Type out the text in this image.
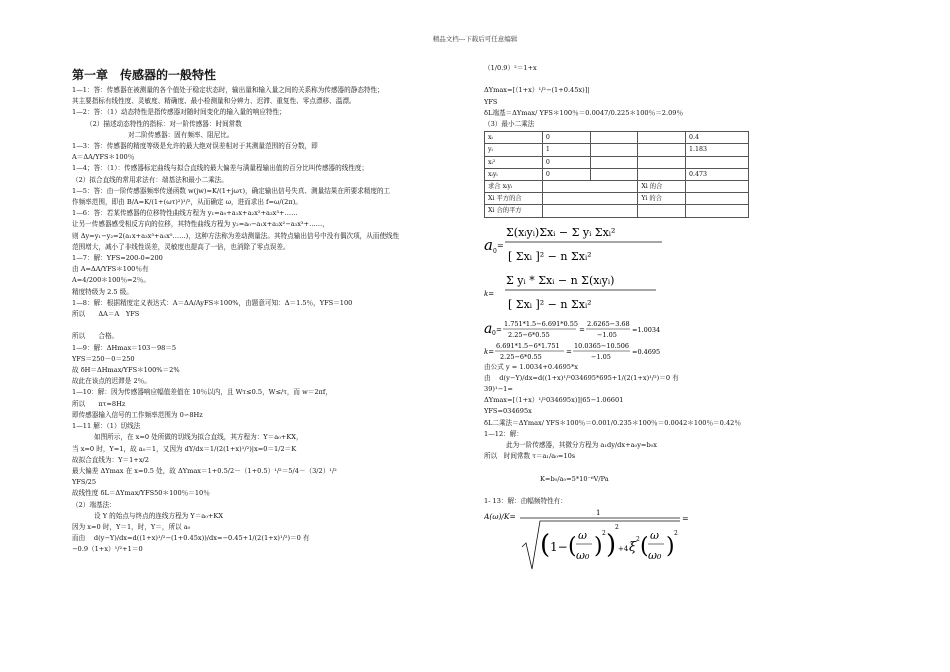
精品文档---下载后可任意编辑
第一章　传感器的一般特性
1—1：答：传感器在被测量的各个值处于稳定状态时，输出量和输入量之间的关系称为传感器的静态特性；
其主要指标有线性度、灵敏度、精确度、最小检测量和分辨力、迟滞、重复性、零点漂移、温漂。
1—2：答：（1）动态特性是指传感器对随时间变化的输入量的响应特性；
（2）描述动态特性的指标：对一阶传感器：时间常数
对二阶传感器：固有频率、阻尼比。
1—3：答：传感器的精度等级是允许的最大绝对误差相对于其测量范围的百分数，即
A＝ΔA/YFS＊100％
1—4；答：（1）：传感器标定曲线与拟合直线的最大偏差与满量程输出值的百分比叫传感器的线性度；
（2）拟合直线的常用求法有：端基法和最小二乘法。
1—5：答：由一阶传感器频率传递函数 w(jw)=K/(1+jωτ)，确定输出信号失真、测量结果在所要求精度的工
作频率范围，即由 B/A=K/(1+(ωτ)²)¹/²，从而确定 ω，进而求出 f=ω/(2π)。
1—6：答：若某传感器的位移特性曲线方程为 y₁=a₀+a₁x+a₂x²+a₃x³+……
让另一传感器感受相反方向的位移，其特性曲线方程为 y₂=a₀−a₁x+a₂x²−a₃x³+……，
则 Δy=y₁−y₂=2(a₁x+a₃x³+a₅x⁵……)，这种方法称为差动测量法。其特点输出信号中没有偶次项，从而使线性
范围增大，减小了非线性误差，灵敏度也提高了一倍，也消除了零点误差。
1—7：解：YFS=200-0=200
由 A=ΔA/YFS＊100％有
A=4/200＊100％=2％。
精度特级为 2.5 级。
1—8：解：根据精度定义表达式：A＝ΔA/AyFS＊100%，由题意可知：Δ＝1.5％，YFS＝100
所以　　ΔA＝A　YFS

所以　　合格。
1—9：解：ΔHmax＝103－98＝5
YFS＝250－0＝250
故 δH＝ΔHmax/YFS＊100%＝2%
故此在该点的迟滞是 2％。
1—10：解：因为传感器响应幅值差值在 10％以内，且 Wτ≤0.5，W≤/τ，而 w＝2πf，
所以　　πτ≈8Hz
即传感器输入信号的工作频率范围为 0∽8Hz
1—11 解：（1）切线法
如图所示，在 x=0 处所做的切线为拟合直线，其方程为：Y＝a₀+KX，
当 x=0 时，Y=1，故 a₀＝1，又因为 dY/dx＝1/(2(1+x)¹/²)|x=0＝1/2＝K
故拟合直线为：Y＝1+x/2
最大偏差 ΔYmax 在 x=0.5 处，故 ΔYmax＝1+0.5/2－（1+0.5）¹/²＝5/4－（3/2）¹/²
YFS/25
故线性度 δL＝ΔYmax/YFS50＊100％＝10％
（2）端基法：
设 Y 的始点与终点的连线方程为 Y＝a₀+KX
因为 x=0 时，Y＝1，时，Y＝，所以 a₀
而由　 d(y−Y)/dx=d((1+x)¹/²−(1+0.45x))/dx=−0.45+1/(2(1+x)¹/²)＝0 有
−0.9（1+x）¹/²+1＝0
（1/0.9）²＝1+x

ΔYmax=[（1+x）¹/²−(1+0.45x)]|
YFS
δL端基＝ΔYmax/ YFS＊100％＝0.0047/0.225＊100％＝2.09％
（3）最小二乘法
xᵢ	0			0.4
yᵢ	1			1.183
xᵢ²	0			
xᵢyᵢ	0			0.473
求合 xᵢyᵢ			Xi 的合	
Xi 平方的合			Yi 的合	
Xi 合的平方				
a 0
=
Σ(xᵢyᵢ)Σxᵢ − Σ yᵢ Σxᵢ²
[ Σxᵢ ]² − n Σxᵢ²
k=
Σ yᵢ * Σxᵢ − n Σ(xᵢyᵢ)
[ Σxᵢ ]² − n Σxᵢ²
a 0 =
1.751*1.5−6.691*0.55
2.25−6*0.55
=
2.6265−3.68
−1.05
=1.0034
k=
6.691*1.5−6*1.751
2.25−6*0.55
=
10.0365−10.506
−1.05
=0.4695
由公式 y = 1.0034+0.4695*x
由　 d(y−Y)/dx=d((1+x)¹/²034695*695+1/(2(1+x)¹/²)＝0 有
39)¹−1=
ΔYmax=[（1+x）¹/²034695x)]|65−1.06601
YFS=034695x
δL二乘法＝ΔYmax/ YFS＊100％＝0.001/0.235＊100％＝0.0042＊100％＝0.42％
1—12：解：
此为一阶传感器，其微分方程为 a₁dy/dx+a₀y=b₀x
所以　时间常数 τ＝a₁/a₀=10s

K=b₀/a₀=5*10⁻⁶V/Pa

1- 13：解：由幅频特性有：
A(ω)/K=	1
=
( 1− ( ω
ω₀ )
2 )
2
+4 ξ
2 ( ω
ω₀ )
2
